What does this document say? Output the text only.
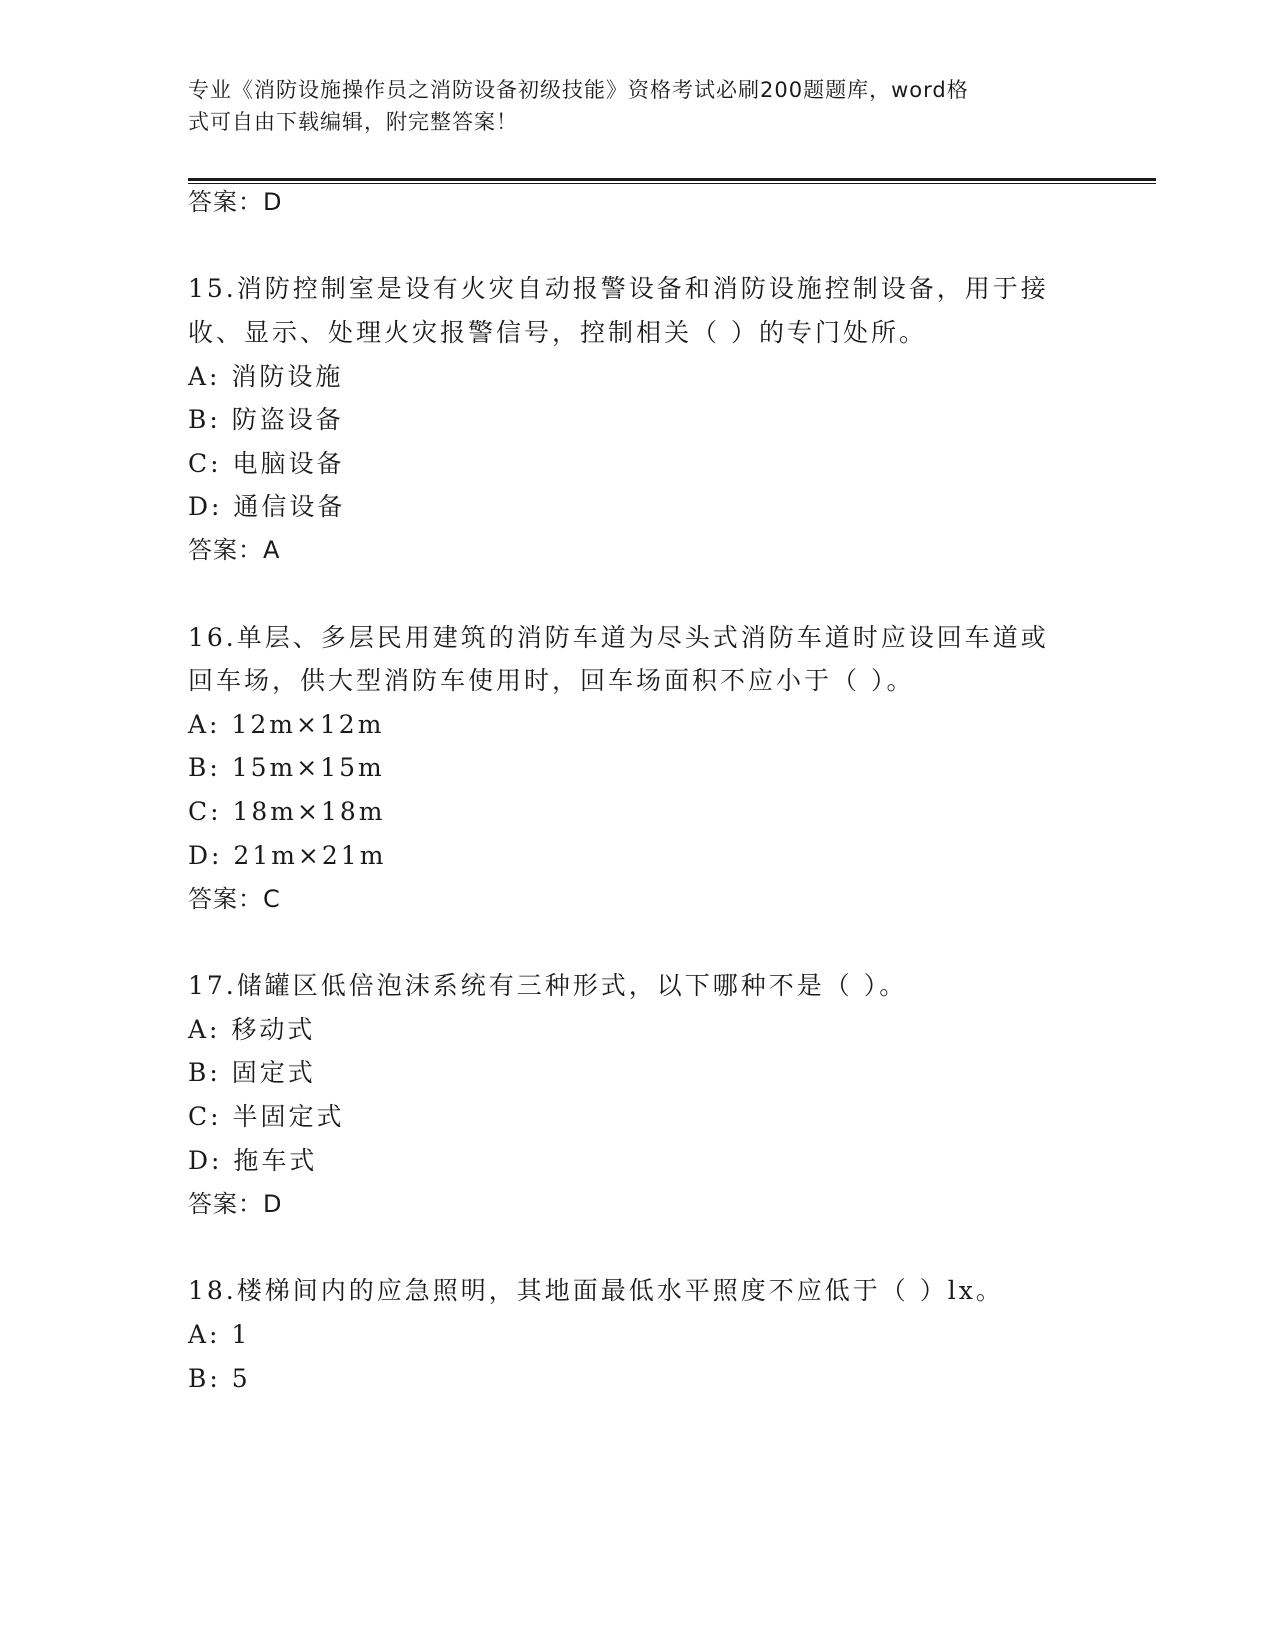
专业《消防设施操作员之消防设备初级技能》资格考试必刷200题题库，word格
式可自由下载编辑，附完整答案！
答案：D
15.消防控制室是设有火灾自动报警设备和消防设施控制设备，用于接
收、显示、处理火灾报警信号，控制相关（ ）的专门处所。
A: 消防设施
B: 防盗设备
C: 电脑设备
D: 通信设备
答案：A
16.单层、多层民用建筑的消防车道为尽头式消防车道时应设回车道或
回车场，供大型消防车使用时，回车场面积不应小于（ ）。
A: 12m×12m
B: 15m×15m
C: 18m×18m
D: 21m×21m
答案：C
17.储罐区低倍泡沫系统有三种形式，以下哪种不是（ ）。
A: 移动式
B: 固定式
C: 半固定式
D: 拖车式
答案：D
18.楼梯间内的应急照明，其地面最低水平照度不应低于（ ）lx。
A: 1
B: 5
